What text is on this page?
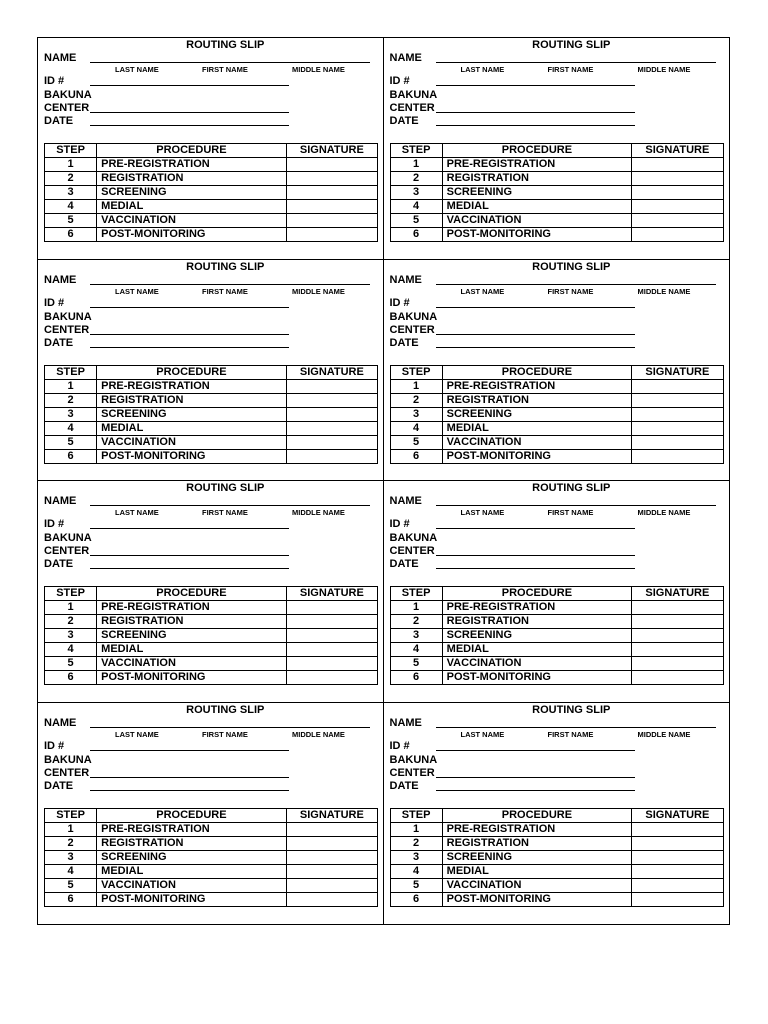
ROUTING SLIP
NAME
LAST NAME	FIRST NAME	MIDDLE NAME
ID #
BAKUNA
CENTER
DATE
STEP	PROCEDURE	SIGNATURE
1	PRE-REGISTRATION	
2	REGISTRATION	
3	SCREENING	
4	MEDIAL	
5	VACCINATION	
6	POST-MONITORING	
ROUTING SLIP
NAME
LAST NAME	FIRST NAME	MIDDLE NAME
ID #
BAKUNA
CENTER
DATE
STEP	PROCEDURE	SIGNATURE
1	PRE-REGISTRATION	
2	REGISTRATION	
3	SCREENING	
4	MEDIAL	
5	VACCINATION	
6	POST-MONITORING	
ROUTING SLIP
NAME
LAST NAME	FIRST NAME	MIDDLE NAME
ID #
BAKUNA
CENTER
DATE
STEP	PROCEDURE	SIGNATURE
1	PRE-REGISTRATION	
2	REGISTRATION	
3	SCREENING	
4	MEDIAL	
5	VACCINATION	
6	POST-MONITORING	
ROUTING SLIP
NAME
LAST NAME	FIRST NAME	MIDDLE NAME
ID #
BAKUNA
CENTER
DATE
STEP	PROCEDURE	SIGNATURE
1	PRE-REGISTRATION	
2	REGISTRATION	
3	SCREENING	
4	MEDIAL	
5	VACCINATION	
6	POST-MONITORING	
ROUTING SLIP
NAME
LAST NAME	FIRST NAME	MIDDLE NAME
ID #
BAKUNA
CENTER
DATE
STEP	PROCEDURE	SIGNATURE
1	PRE-REGISTRATION	
2	REGISTRATION	
3	SCREENING	
4	MEDIAL	
5	VACCINATION	
6	POST-MONITORING	
ROUTING SLIP
NAME
LAST NAME	FIRST NAME	MIDDLE NAME
ID #
BAKUNA
CENTER
DATE
STEP	PROCEDURE	SIGNATURE
1	PRE-REGISTRATION	
2	REGISTRATION	
3	SCREENING	
4	MEDIAL	
5	VACCINATION	
6	POST-MONITORING	
ROUTING SLIP
NAME
LAST NAME	FIRST NAME	MIDDLE NAME
ID #
BAKUNA
CENTER
DATE
STEP	PROCEDURE	SIGNATURE
1	PRE-REGISTRATION	
2	REGISTRATION	
3	SCREENING	
4	MEDIAL	
5	VACCINATION	
6	POST-MONITORING	
ROUTING SLIP
NAME
LAST NAME	FIRST NAME	MIDDLE NAME
ID #
BAKUNA
CENTER
DATE
STEP	PROCEDURE	SIGNATURE
1	PRE-REGISTRATION	
2	REGISTRATION	
3	SCREENING	
4	MEDIAL	
5	VACCINATION	
6	POST-MONITORING	
